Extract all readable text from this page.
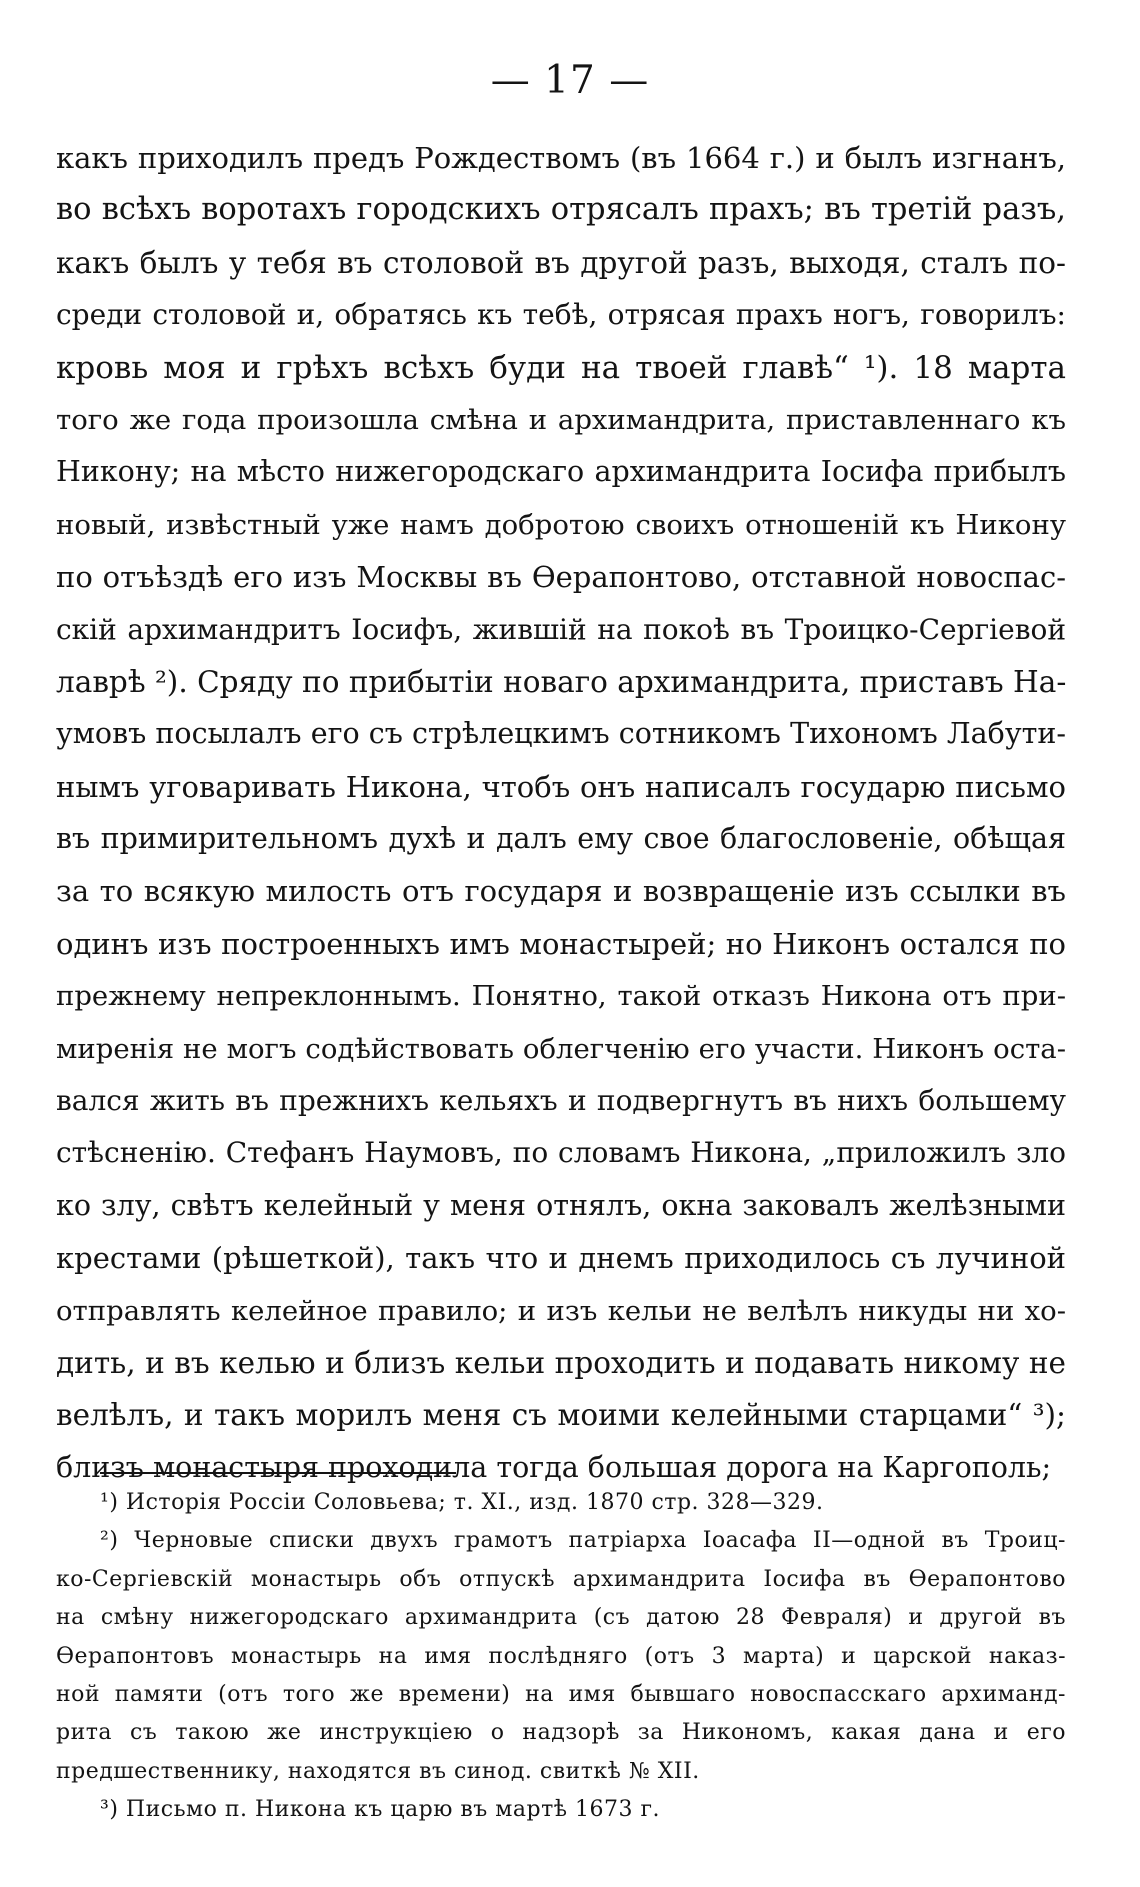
— 17 —
какъ приходилъ предъ Рождествомъ (въ 1664 г.) и былъ изгнанъ,
во всѣхъ воротахъ городскихъ отрясалъ прахъ; въ третій разъ,
какъ былъ у тебя въ столовой въ другой разъ, выходя, сталъ по-
среди столовой и, обратясь къ тебѣ, отрясая прахъ ногъ, говорилъ:
кровь моя и грѣхъ всѣхъ буди на твоей главѣ“ ¹). 18 марта
того же года произошла смѣна и архимандрита, приставленнаго къ
Никону; на мѣсто нижегородскаго архимандрита Іосифа прибылъ
новый, извѣстный уже намъ добротою своихъ отношеній къ Никону
по отъѣздѣ его изъ Москвы въ Ѳерапонтово, отставной новоспас-
скій архимандритъ Іосифъ, жившій на покоѣ въ Троицко-Сергіевой
лаврѣ ²). Сряду по прибытіи новаго архимандрита, приставъ На-
умовъ посылалъ его съ стрѣлецкимъ сотникомъ Тихономъ Лабути-
нымъ уговаривать Никона, чтобъ онъ написалъ государю письмо
въ примирительномъ духѣ и далъ ему свое благословеніе, обѣщая
за то всякую милость отъ государя и возвращеніе изъ ссылки въ
одинъ изъ построенныхъ имъ монастырей; но Никонъ остался по
прежнему непреклоннымъ. Понятно, такой отказъ Никона отъ при-
миренія не могъ содѣйствовать облегченію его участи. Никонъ оста-
вался жить въ прежнихъ кельяхъ и подвергнутъ въ нихъ большему
стѣсненію. Стефанъ Наумовъ, по словамъ Никона, „приложилъ зло
ко злу, свѣтъ келейный у меня отнялъ, окна заковалъ желѣзными
крестами (рѣшеткой), такъ что и днемъ приходилось съ лучиной
отправлять келейное правило; и изъ кельи не велѣлъ никуды ни хо-
дить, и въ келью и близъ кельи проходить и подавать никому не
велѣлъ, и такъ морилъ меня съ моими келейными старцами“ ³);
близъ монастыря проходила тогда большая дорога на Каргополь;
¹) Исторія Россіи Соловьева; т. XI., изд. 1870 стр. 328—329.
²) Черновые списки двухъ грамотъ патріарха Іоасафа II—одной въ Троиц-
ко-Сергіевскій монастырь объ отпускѣ архимандрита Іосифа въ Ѳерапонтово
на смѣну нижегородскаго архимандрита (съ датою 28 Февраля) и другой въ
Ѳерапонтовъ монастырь на имя послѣдняго (отъ 3 марта) и царской наказ-
ной памяти (отъ того же времени) на имя бывшаго новоспасскаго архиманд-
рита съ такою же инструкціею о надзорѣ за Никономъ, какая дана и его
предшественнику, находятся въ синод. свиткѣ № XII.
³) Письмо п. Никона къ царю въ мартѣ 1673 г.
